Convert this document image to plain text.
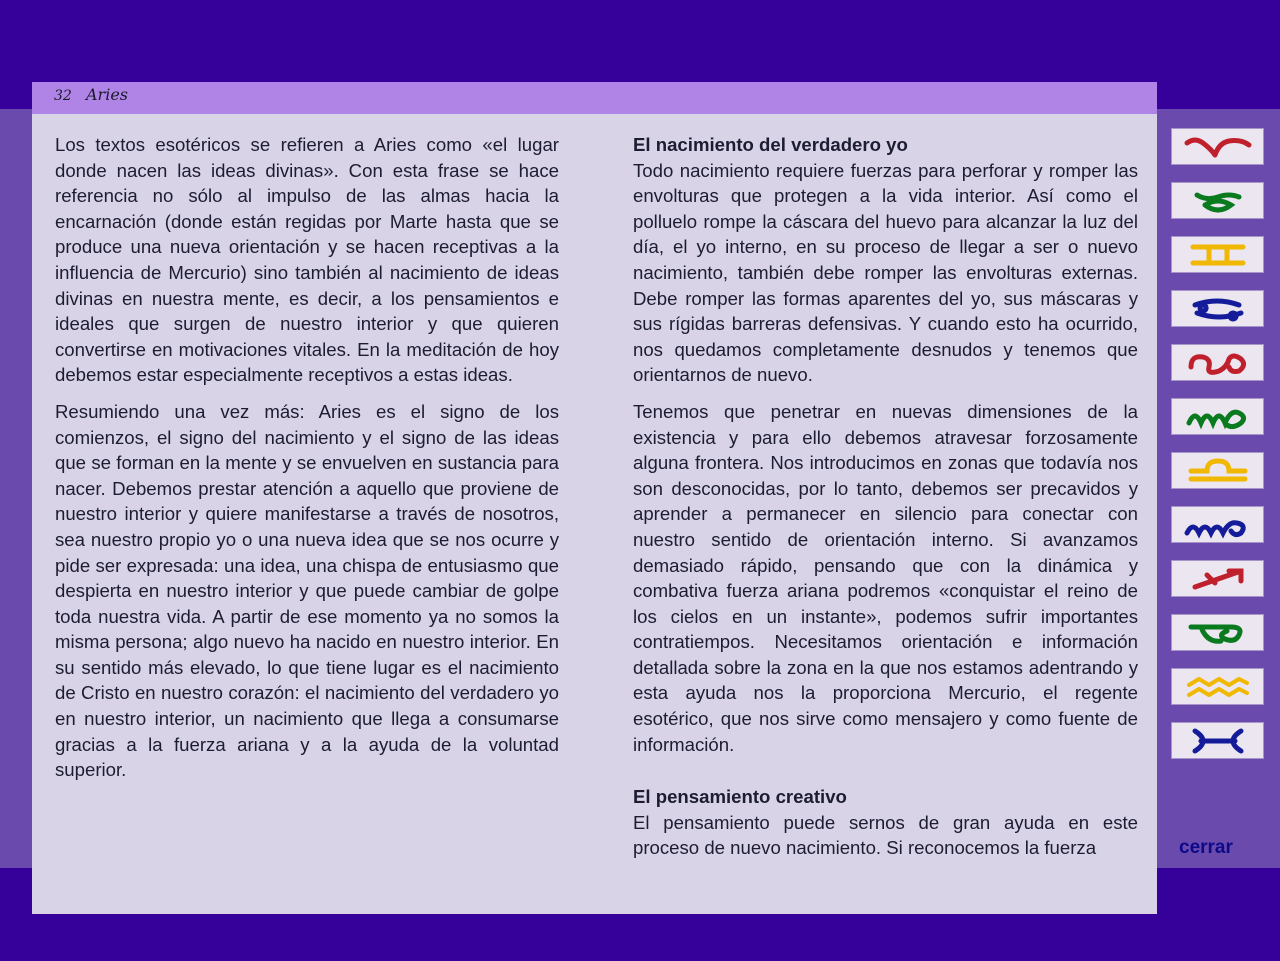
32 Aries

Los textos esotéricos se refieren a Aries como «el lugar donde nacen las ideas divinas». Con esta frase se hace referencia no sólo al impulso de las almas hacia la encarnación (donde están regidas por Marte hasta que se produce una nueva orientación y se hacen receptivas a la influencia de Mercurio) sino también al nacimiento de ideas divinas en nuestra mente, es decir, a los pensamientos e ideales que surgen de nuestro interior y que quieren convertirse en motivaciones vitales. En la meditación de hoy debemos estar especialmente receptivos a estas ideas.

Resumiendo una vez más: Aries es el signo de los comienzos, el signo del nacimiento y el signo de las ideas que se forman en la mente y se envuelven en sustancia para nacer. Debemos prestar atención a aquello que proviene de nuestro interior y quiere manifestarse a través de nosotros, sea nuestro propio yo o una nueva idea que se nos ocurre y pide ser expresada: una idea, una chispa de entusiasmo que despierta en nuestro interior y que puede cambiar de golpe toda nuestra vida. A partir de ese momento ya no somos la misma persona; algo nuevo ha nacido en nuestro interior. En su sentido más elevado, lo que tiene lugar es el nacimiento de Cristo en nuestro corazón: el nacimiento del verdadero yo en nuestro interior, un nacimiento que llega a consumarse gracias a la fuerza ariana y a la ayuda de la voluntad superior.

El nacimiento del verdadero yo

Todo nacimiento requiere fuerzas para perforar y romper las envolturas que protegen a la vida interior. Así como el polluelo rompe la cáscara del huevo para alcanzar la luz del día, el yo interno, en su proceso de llegar a ser o nuevo nacimiento, también debe romper las envolturas externas. Debe romper las formas aparentes del yo, sus máscaras y sus rígidas barreras defensivas. Y cuando esto ha ocurrido, nos quedamos completamente desnudos y tenemos que orientarnos de nuevo.

Tenemos que penetrar en nuevas dimensiones de la existencia y para ello debemos atravesar forzosamente alguna frontera. Nos introducimos en zonas que todavía nos son desconocidas, por lo tanto, debemos ser precavidos y aprender a permanecer en silencio para conectar con nuestro sentido de orientación interno. Si avanzamos demasiado rápido, pensando que con la dinámica y combativa fuerza ariana podremos «conquistar el reino de los cielos en un instante», podemos sufrir importantes contratiempos. Necesitamos orientación e información detallada sobre la zona en la que nos estamos adentrando y esta ayuda nos la proporciona Mercurio, el regente esotérico, que nos sirve como mensajero y como fuente de información.

El pensamiento creativo

El pensamiento puede sernos de gran ayuda en este proceso de nuevo nacimiento. Si reconocemos la fuerza	cerrar
